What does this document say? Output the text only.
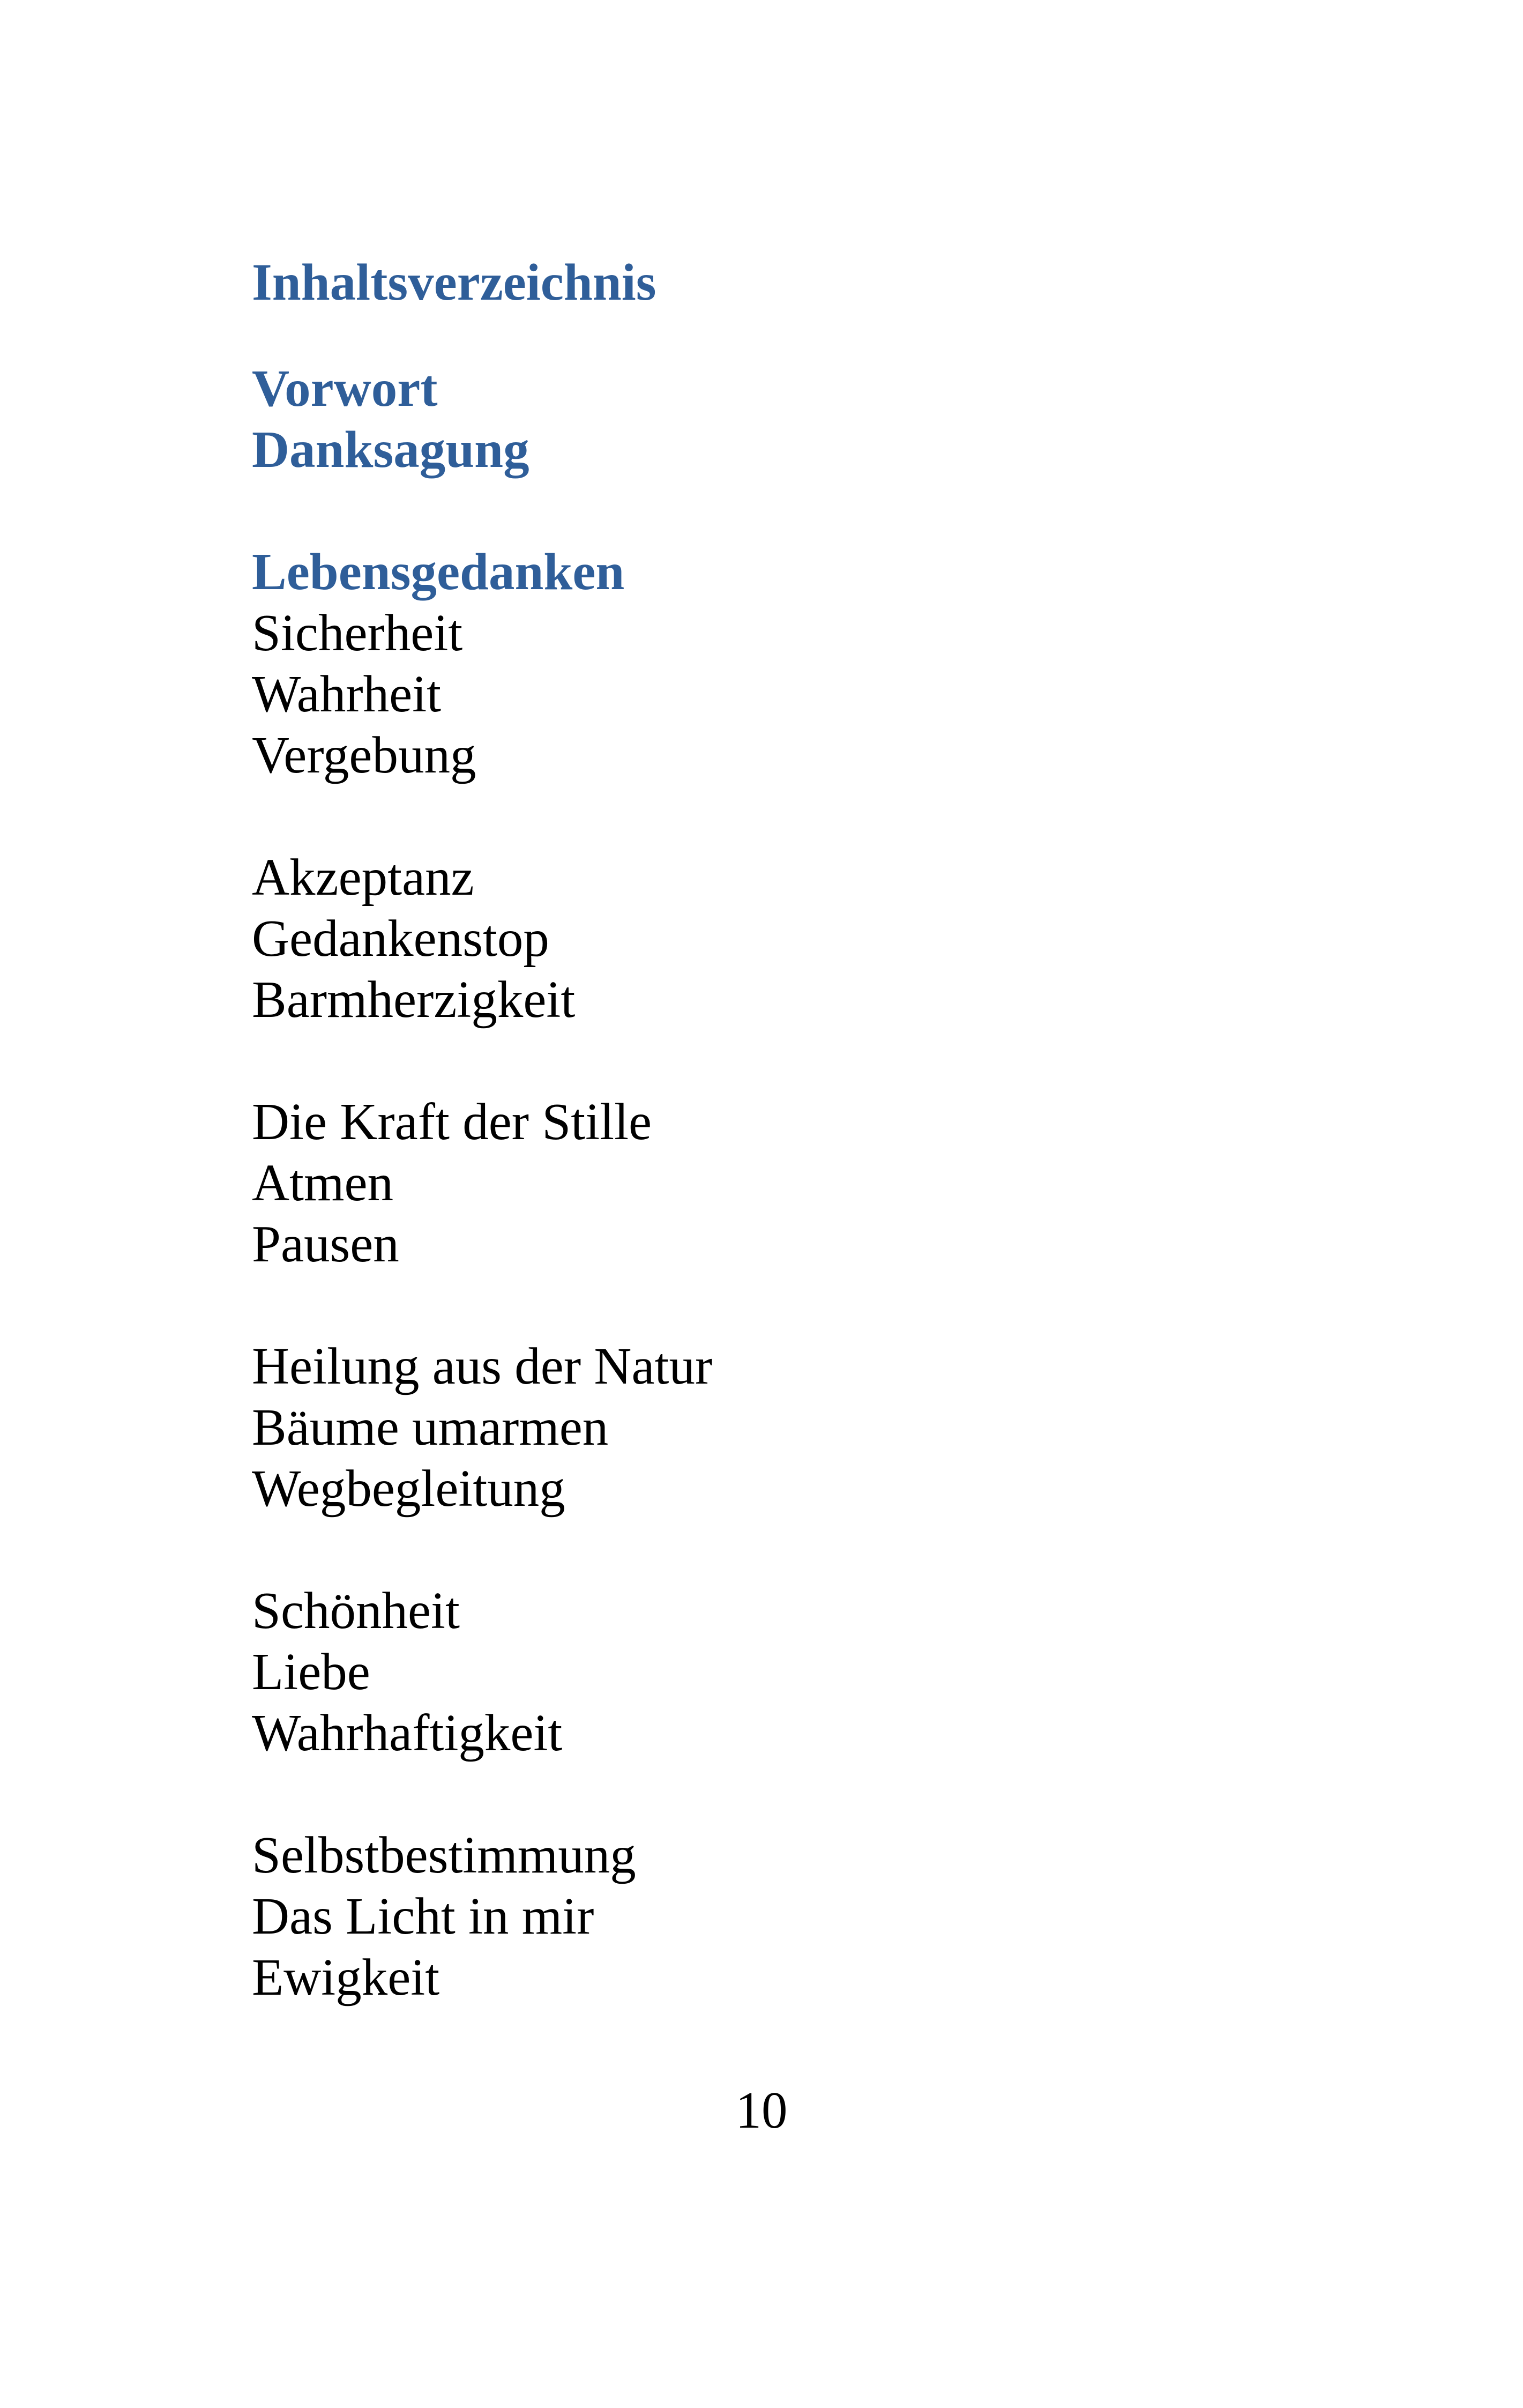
Inhaltsverzeichnis
Vorwort
Danksagung
Lebensgedanken
Sicherheit
Wahrheit
Vergebung
Akzeptanz
Gedankenstop
Barmherzigkeit
Die Kraft der Stille
Atmen
Pausen
Heilung aus der Natur
Bäume umarmen
Wegbegleitung
Schönheit
Liebe
Wahrhaftigkeit
Selbstbestimmung
Das Licht in mir
Ewigkeit
10
